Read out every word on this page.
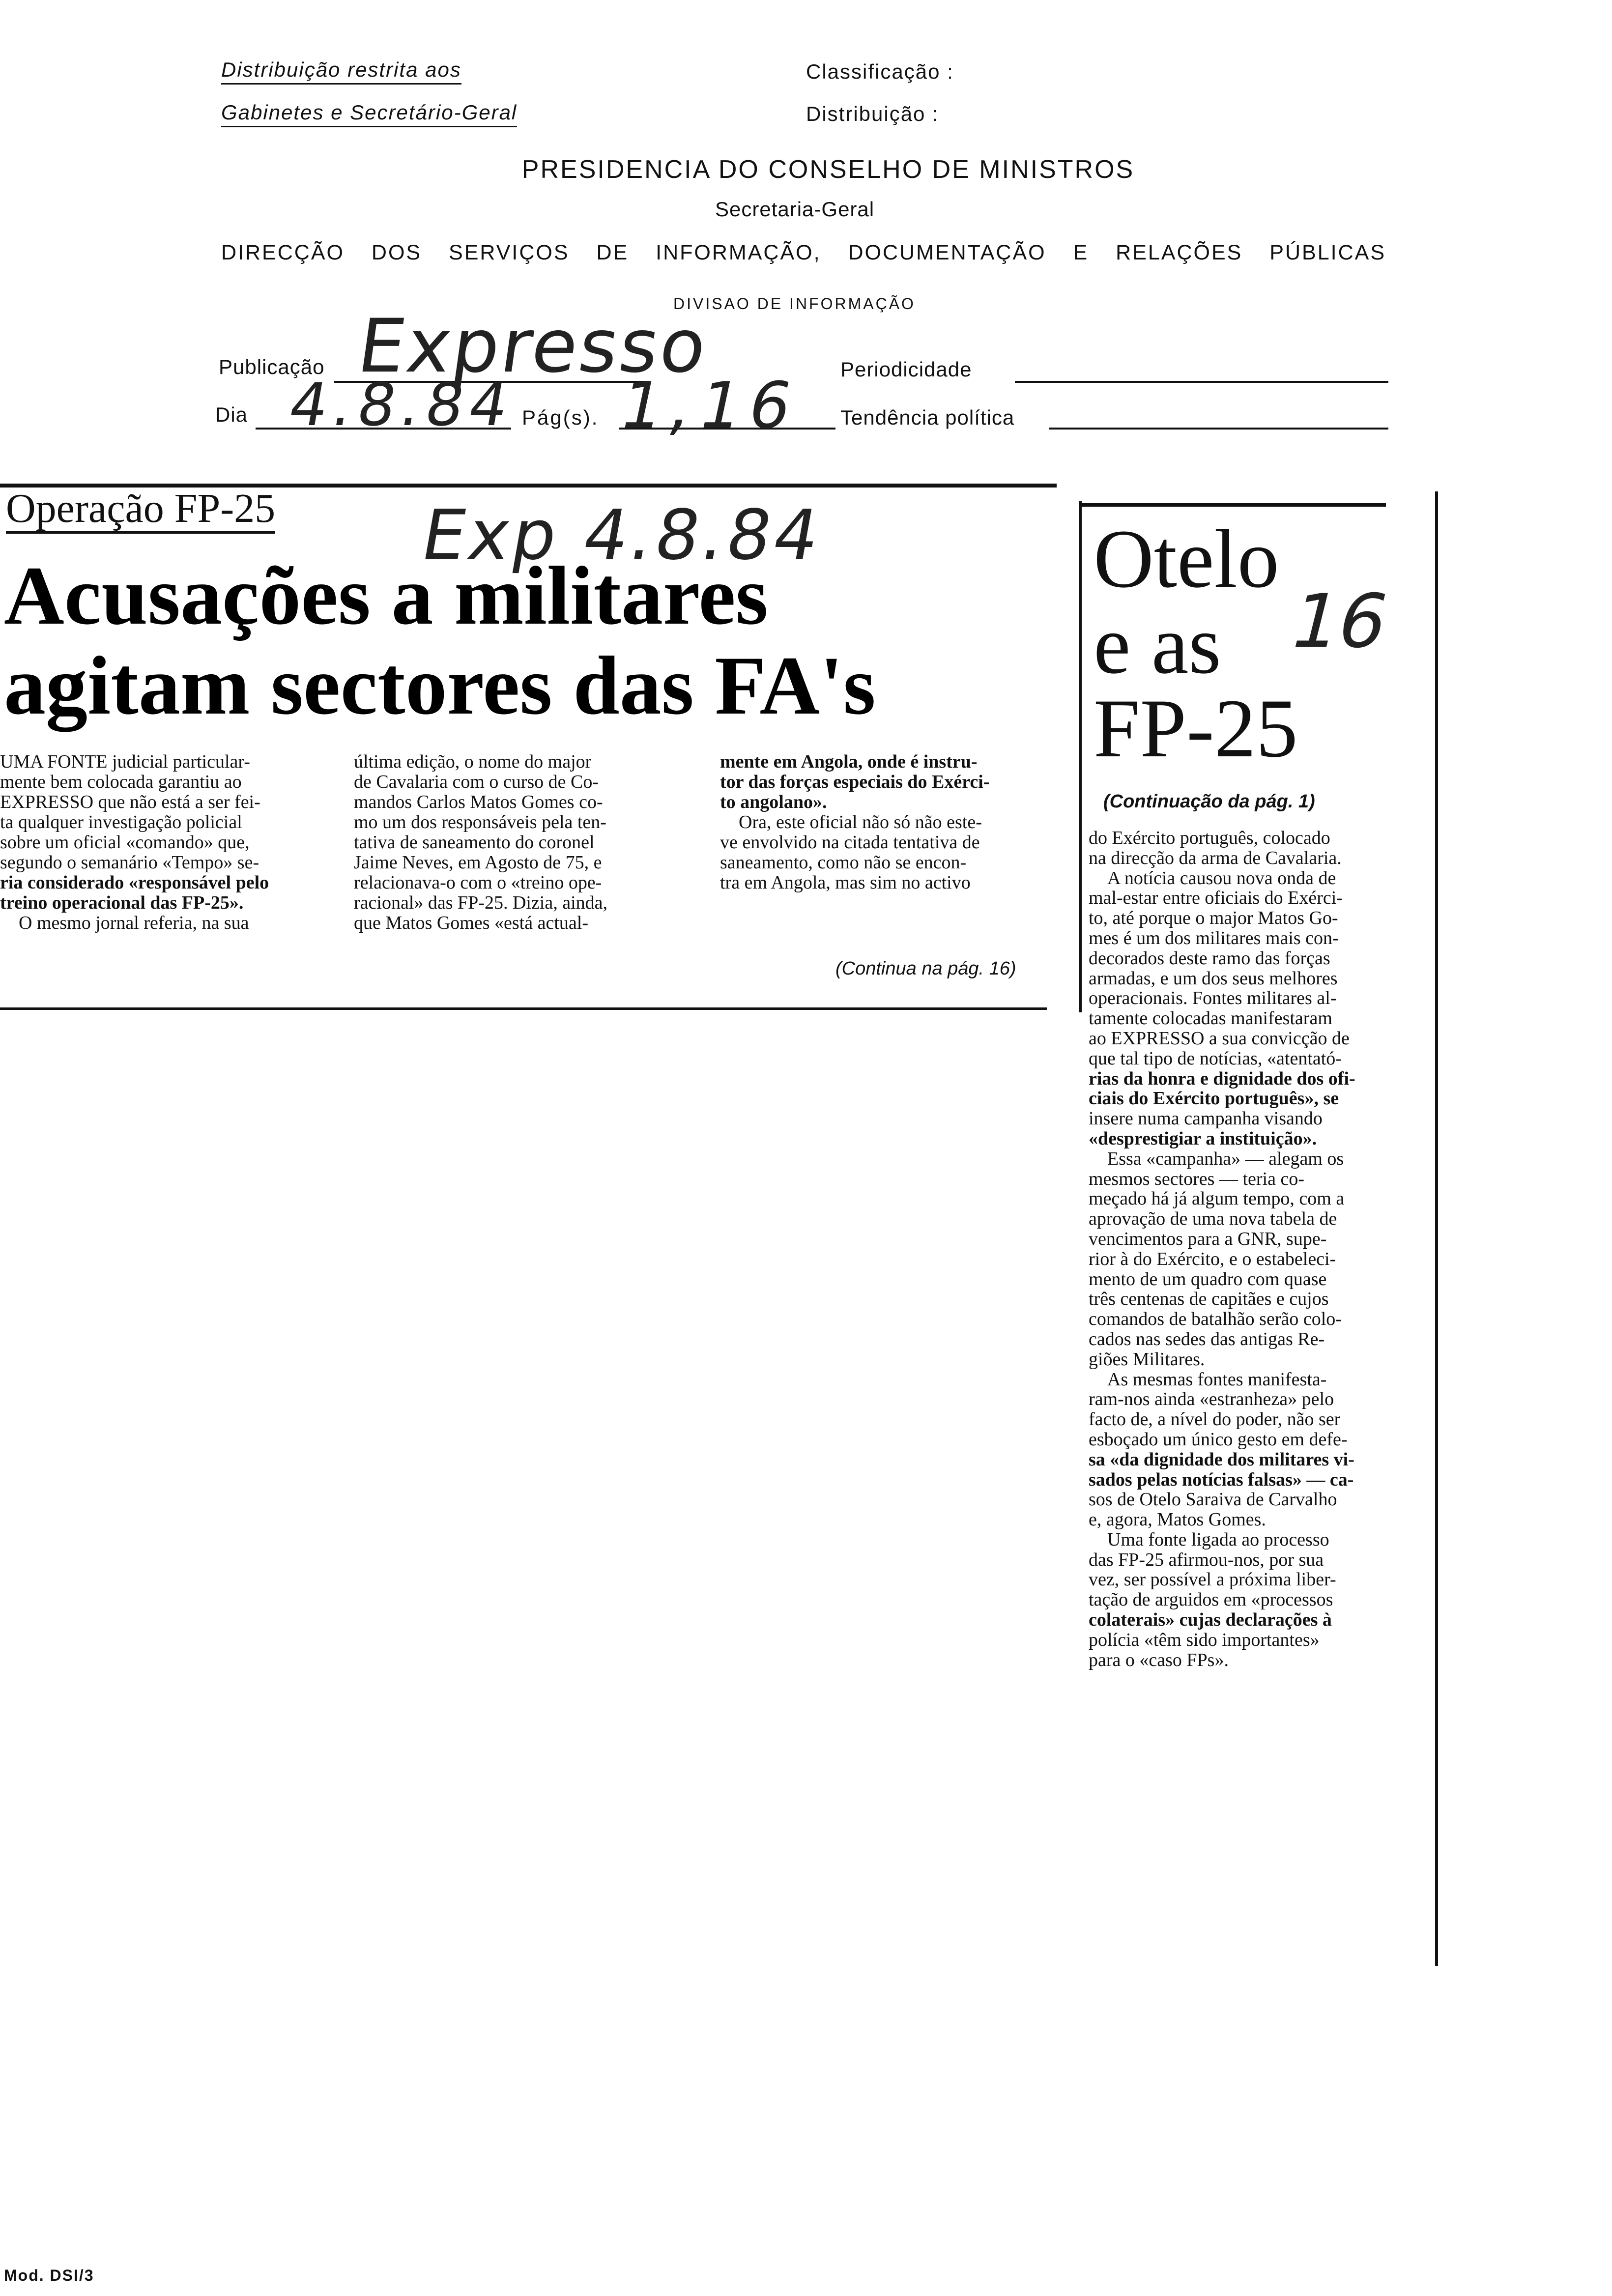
Distribuição restrita aos
Gabinetes e Secretário-Geral
Classificação :
Distribuição :
PRESIDENCIA DO CONSELHO DE MINISTROS
Secretaria-Geral
DIRECÇÃO DOS SERVIÇOS DE INFORMAÇÃO, DOCUMENTAÇÃO E RELAÇÕES PÚBLICAS
DIVISAO DE INFORMAÇÃO
Publicação Expresso	Periodicidade
Dia 4.8.84 Pág(s). 1,16 Tendência política
Operação FP-25 Exp 4.8.84
Acusações a militares
agitam sectores das FA's

UMA FONTE judicial particular-

mente bem colocada garantiu ao

EXPRESSO que não está a ser fei-

ta qualquer investigação policial

sobre um oficial «comando» que,

segundo o semanário «Tempo» se-

ria considerado «responsável pelo

treino operacional das FP-25».

O mesmo jornal referia, na sua

última edição, o nome do major

de Cavalaria com o curso de Co-

mandos Carlos Matos Gomes co-

mo um dos responsáveis pela ten-

tativa de saneamento do coronel

Jaime Neves, em Agosto de 75, e

relacionava-o com o «treino ope-

racional» das FP-25. Dizia, ainda,

que Matos Gomes «está actual-

mente em Angola, onde é instru-

tor das forças especiais do Exérci-

to angolano».

Ora, este oficial não só não este-

ve envolvido na citada tentativa de

saneamento, como não se encon-

tra em Angola, mas sim no activo

(Continua na pág. 16)
Otelo
e as
FP-25
16
(Continuação da pág. 1)

do Exército português, colocado

na direcção da arma de Cavalaria.

A notícia causou nova onda de

mal-estar entre oficiais do Exérci-

to, até porque o major Matos Go-

mes é um dos militares mais con-

decorados deste ramo das forças

armadas, e um dos seus melhores

operacionais. Fontes militares al-

tamente colocadas manifestaram

ao EXPRESSO a sua convicção de

que tal tipo de notícias, «atentató-

rias da honra e dignidade dos ofi-

ciais do Exército português», se

insere numa campanha visando

«desprestigiar a instituição».

Essa «campanha» — alegam os

mesmos sectores — teria co-

meçado há já algum tempo, com a

aprovação de uma nova tabela de

vencimentos para a GNR, supe-

rior à do Exército, e o estabeleci-

mento de um quadro com quase

três centenas de capitães e cujos

comandos de batalhão serão colo-

cados nas sedes das antigas Re-

giões Militares.

As mesmas fontes manifesta-

ram-nos ainda «estranheza» pelo

facto de, a nível do poder, não ser

esboçado um único gesto em defe-

sa «da dignidade dos militares vi-

sados pelas notícias falsas» — ca-

sos de Otelo Saraiva de Carvalho

e, agora, Matos Gomes.

Uma fonte ligada ao processo

das FP-25 afirmou-nos, por sua

vez, ser possível a próxima liber-

tação de arguidos em «processos

colaterais» cujas declarações à

polícia «têm sido importantes»

para o «caso FPs».

Mod. DSI/3
